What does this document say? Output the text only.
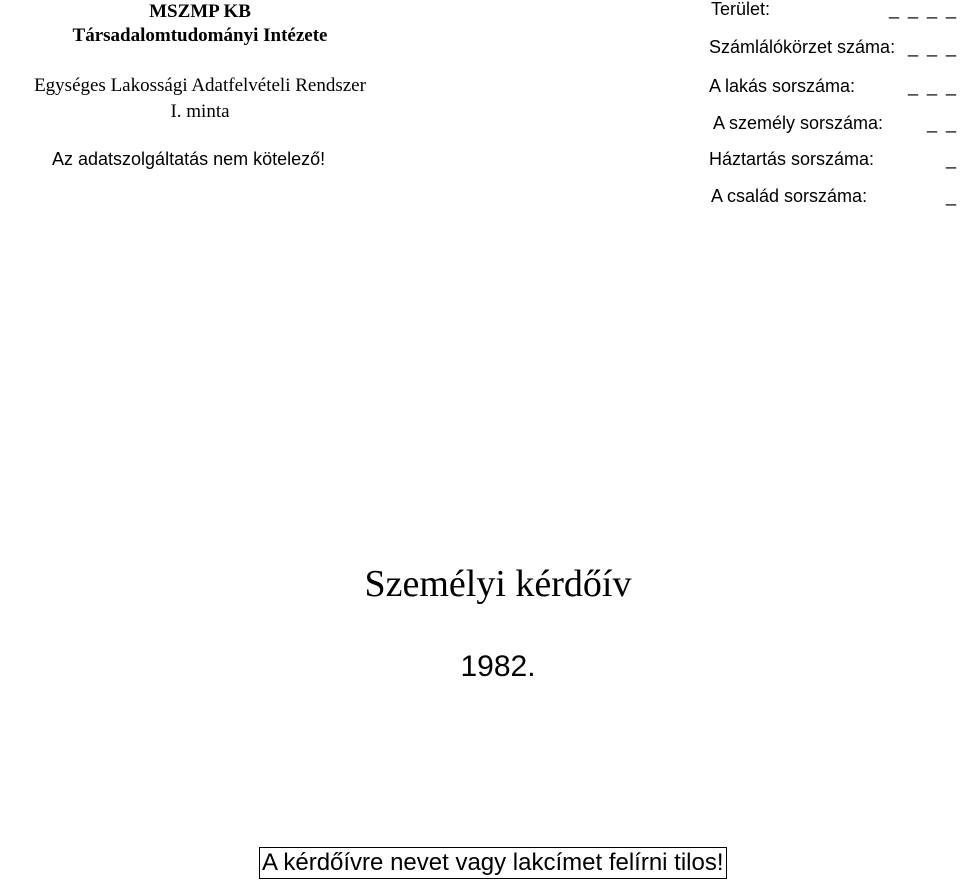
MSZMP KB
Társadalomtudományi Intézete
Egységes Lakossági Adatfelvételi Rendszer
I. minta
Az adatszolgáltatás nem kötelező!
Terület:	_ _ _ _
Számlálókörzet száma: _ _ _
A lakás sorszáma:	_ _ _
A személy sorszáma: _ _
Háztartás sorszáma:	_
A család sorszáma:	_
Személyi kérdőív
1982.
A kérdőívre nevet vagy lakcímet felírni tilos!
